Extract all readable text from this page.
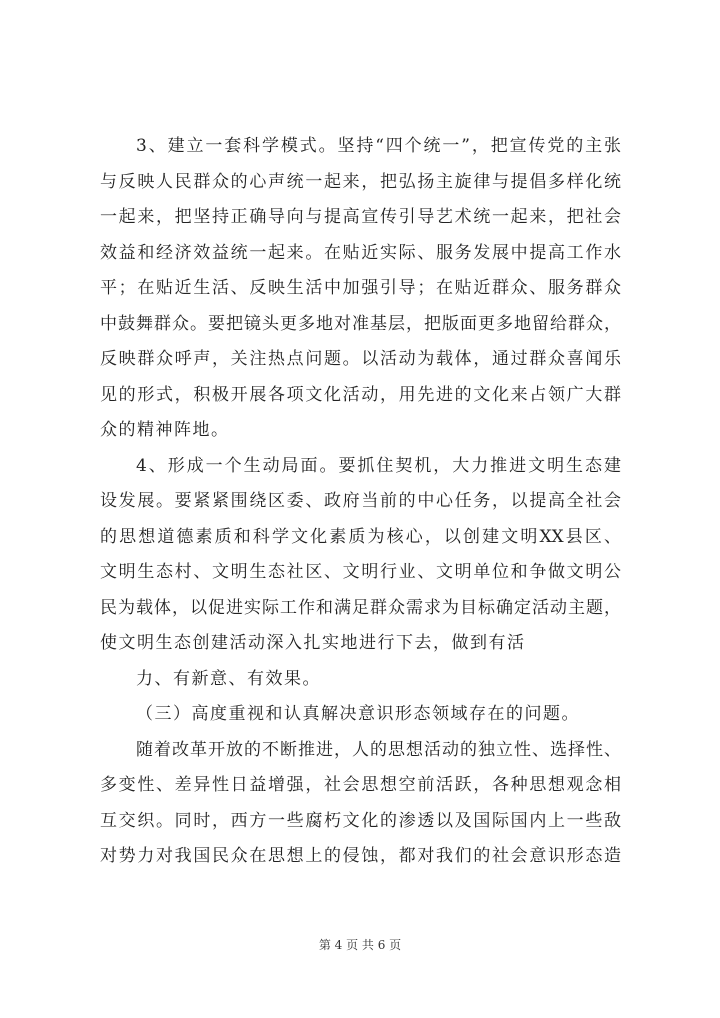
3、建立一套科学模式。坚持“四个统一”，把宣传党的主张
与反映人民群众的心声统一起来，把弘扬主旋律与提倡多样化统
一起来，把坚持正确导向与提高宣传引导艺术统一起来，把社会
效益和经济效益统一起来。在贴近实际、服务发展中提高工作水
平；在贴近生活、反映生活中加强引导；在贴近群众、服务群众
中鼓舞群众。要把镜头更多地对准基层，把版面更多地留给群众，
反映群众呼声，关注热点问题。以活动为载体，通过群众喜闻乐
见的形式，积极开展各项文化活动，用先进的文化来占领广大群
众的精神阵地。
4、形成一个生动局面。要抓住契机，大力推进文明生态建
设发展。要紧紧围绕区委、政府当前的中心任务，以提高全社会
的思想道德素质和科学文化素质为核心，以创建文明XX县区、
文明生态村、文明生态社区、文明行业、文明单位和争做文明公
民为载体，以促进实际工作和满足群众需求为目标确定活动主题，
使文明生态创建活动深入扎实地进行下去，做到有活
力、有新意、有效果。
（三）高度重视和认真解决意识形态领域存在的问题。
随着改革开放的不断推进，人的思想活动的独立性、选择性、
多变性、差异性日益增强，社会思想空前活跃，各种思想观念相
互交织。同时，西方一些腐朽文化的渗透以及国际国内上一些敌
对势力对我国民众在思想上的侵蚀，都对我们的社会意识形态造
第 4 页 共 6 页
